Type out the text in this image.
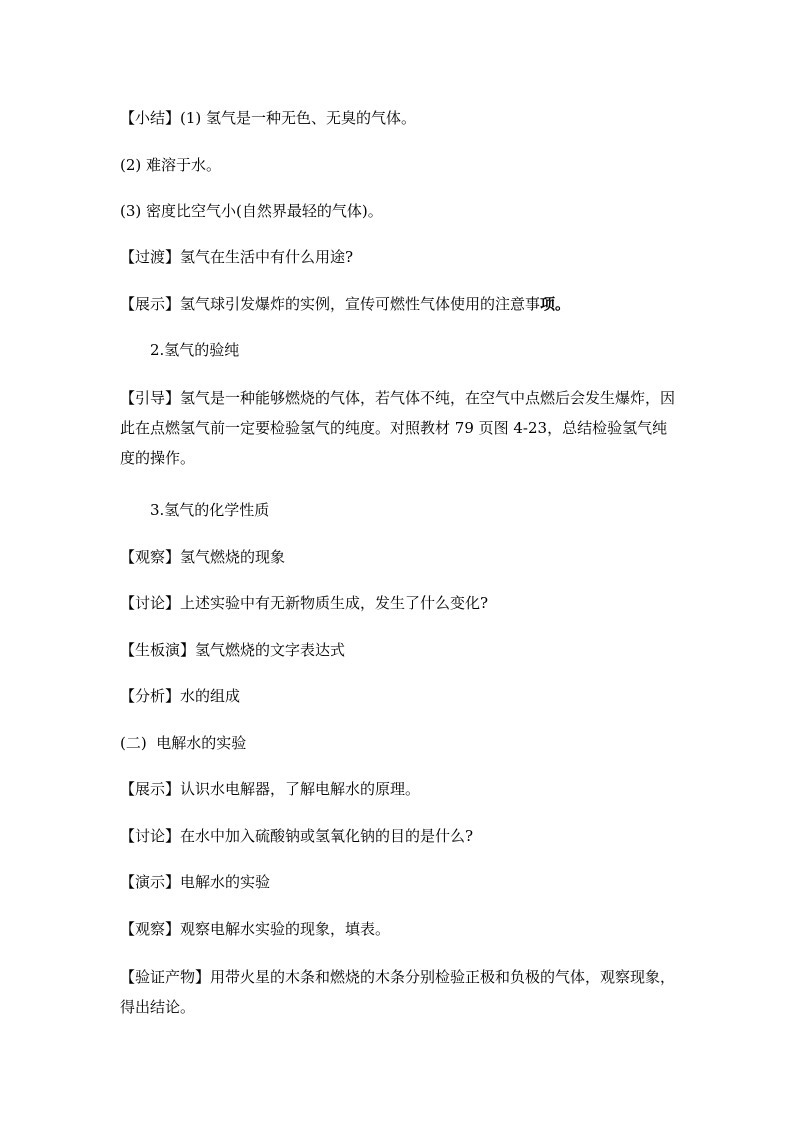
【小结】(1) 氢气是一种无色、无臭的气体。
(2) 难溶于水。
(3) 密度比空气小(自然界最轻的气体)。
【过渡】氢气在生活中有什么用途?
【展示】氢气球引发爆炸的实例，宣传可燃性气体使用的注意事项。
2.氢气的验纯
【引导】氢气是一种能够燃烧的气体，若气体不纯，在空气中点燃后会发生爆炸，因此在点燃氢气前一定要检验氢气的纯度。对照教材 79 页图 4-23，总结检验氢气纯度的操作。
3.氢气的化学性质
【观察】氢气燃烧的现象
【讨论】上述实验中有无新物质生成，发生了什么变化?
【生板演】氢气燃烧的文字表达式
【分析】水的组成
(二)  电解水的实验
【展示】认识水电解器，了解电解水的原理。
【讨论】在水中加入硫酸钠或氢氧化钠的目的是什么?
【演示】电解水的实验
【观察】观察电解水实验的现象，填表。
【验证产物】用带火星的木条和燃烧的木条分别检验正极和负极的气体，观察现象，得出结论。
